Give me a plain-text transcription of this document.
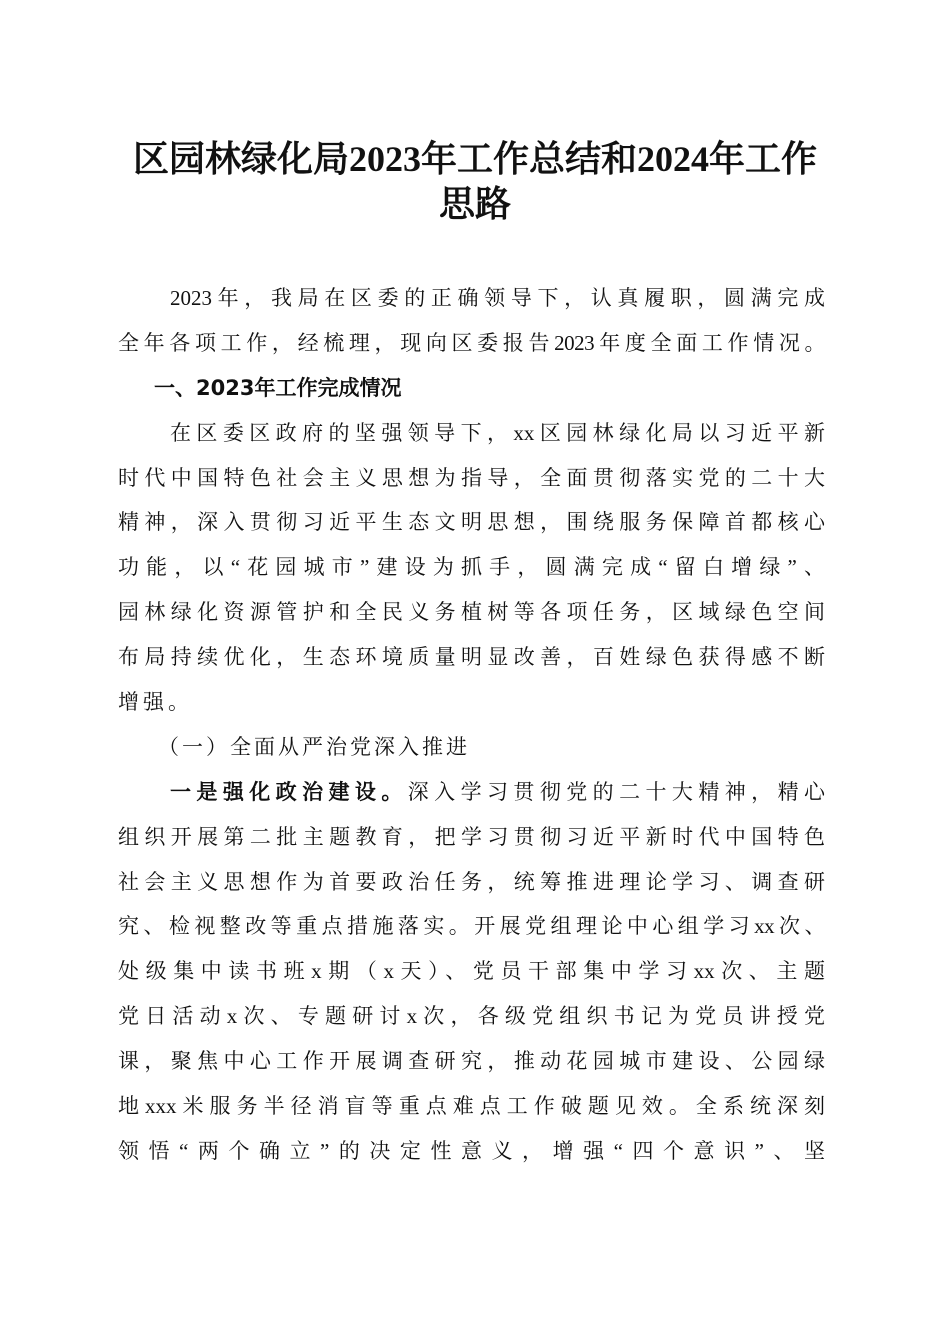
区园林绿化局2023年工作总结和2024年工作
思路
2023年，我局在区委的正确领导下，认真履职，圆满完成
全年各项工作，经梳理，现向区委报告2023年度全面工作情况。
一、2023年工作完成情况
在区委区政府的坚强领导下，xx区园林绿化局以习近平新
时代中国特色社会主义思想为指导，全面贯彻落实党的二十大
精神，深入贯彻习近平生态文明思想，围绕服务保障首都核心
功能，以“花园城市”建设为抓手，圆满完成“留白增绿”、
园林绿化资源管护和全民义务植树等各项任务，区域绿色空间
布局持续优化，生态环境质量明显改善，百姓绿色获得感不断
增强。
（一）全面从严治党深入推进
一是强化政治建设。深入学习贯彻党的二十大精神，精心
组织开展第二批主题教育，把学习贯彻习近平新时代中国特色
社会主义思想作为首要政治任务，统筹推进理论学习、调查研
究、检视整改等重点措施落实。开展党组理论中心组学习xx次、
处级集中读书班x期（x天）、党员干部集中学习xx次、主题
党日活动x次、专题研讨x次，各级党组织书记为党员讲授党
课，聚焦中心工作开展调查研究，推动花园城市建设、公园绿
地xxx米服务半径消盲等重点难点工作破题见效。全系统深刻
领悟“两个确立”的决定性意义，增强“四个意识”、坚
